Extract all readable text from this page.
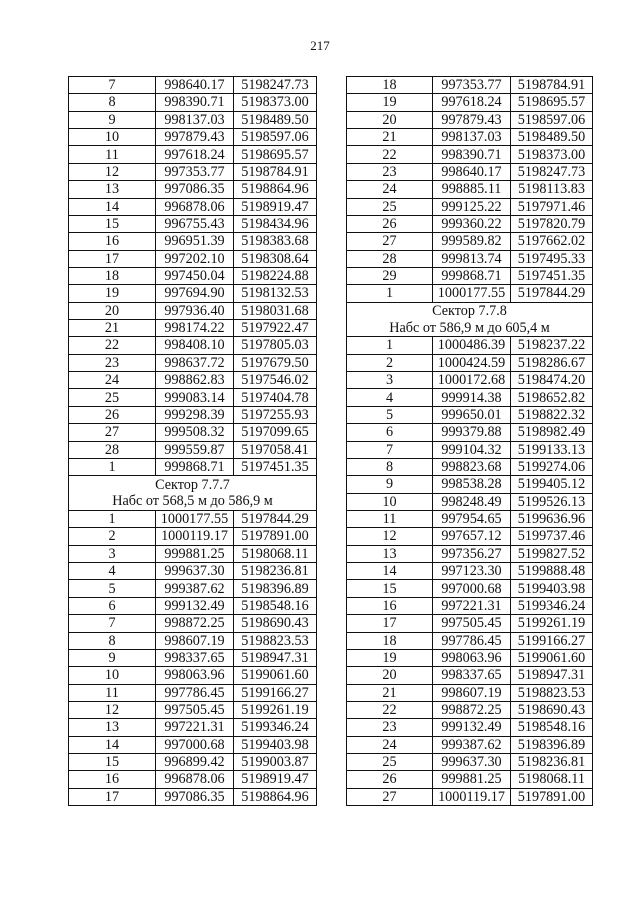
217
7	998640.17	5198247.73
8	998390.71	5198373.00
9	998137.03	5198489.50
10	997879.43	5198597.06
11	997618.24	5198695.57
12	997353.77	5198784.91
13	997086.35	5198864.96
14	996878.06	5198919.47
15	996755.43	5198434.96
16	996951.39	5198383.68
17	997202.10	5198308.64
18	997450.04	5198224.88
19	997694.90	5198132.53
20	997936.40	5198031.68
21	998174.22	5197922.47
22	998408.10	5197805.03
23	998637.72	5197679.50
24	998862.83	5197546.02
25	999083.14	5197404.78
26	999298.39	5197255.93
27	999508.32	5197099.65
28	999559.87	5197058.41
1	999868.71	5197451.35
Сектор 7.7.7		
Набс от 568,5 м до 586,9 м		
1	1000177.55	5197844.29
2	1000119.17	5197891.00
3	999881.25	5198068.11
4	999637.30	5198236.81
5	999387.62	5198396.89
6	999132.49	5198548.16
7	998872.25	5198690.43
8	998607.19	5198823.53
9	998337.65	5198947.31
10	998063.96	5199061.60
11	997786.45	5199166.27
12	997505.45	5199261.19
13	997221.31	5199346.24
14	997000.68	5199403.98
15	996899.42	5199003.87
16	996878.06	5198919.47
17	997086.35	5198864.96
18	997353.77	5198784.91
19	997618.24	5198695.57
20	997879.43	5198597.06
21	998137.03	5198489.50
22	998390.71	5198373.00
23	998640.17	5198247.73
24	998885.11	5198113.83
25	999125.22	5197971.46
26	999360.22	5197820.79
27	999589.82	5197662.02
28	999813.74	5197495.33
29	999868.71	5197451.35
1	1000177.55	5197844.29
Сектор 7.7.8		
Набс от 586,9 м до 605,4 м		
1	1000486.39	5198237.22
2	1000424.59	5198286.67
3	1000172.68	5198474.20
4	999914.38	5198652.82
5	999650.01	5198822.32
6	999379.88	5198982.49
7	999104.32	5199133.13
8	998823.68	5199274.06
9	998538.28	5199405.12
10	998248.49	5199526.13
11	997954.65	5199636.96
12	997657.12	5199737.46
13	997356.27	5199827.52
14	997123.30	5199888.48
15	997000.68	5199403.98
16	997221.31	5199346.24
17	997505.45	5199261.19
18	997786.45	5199166.27
19	998063.96	5199061.60
20	998337.65	5198947.31
21	998607.19	5198823.53
22	998872.25	5198690.43
23	999132.49	5198548.16
24	999387.62	5198396.89
25	999637.30	5198236.81
26	999881.25	5198068.11
27	1000119.17	5197891.00
